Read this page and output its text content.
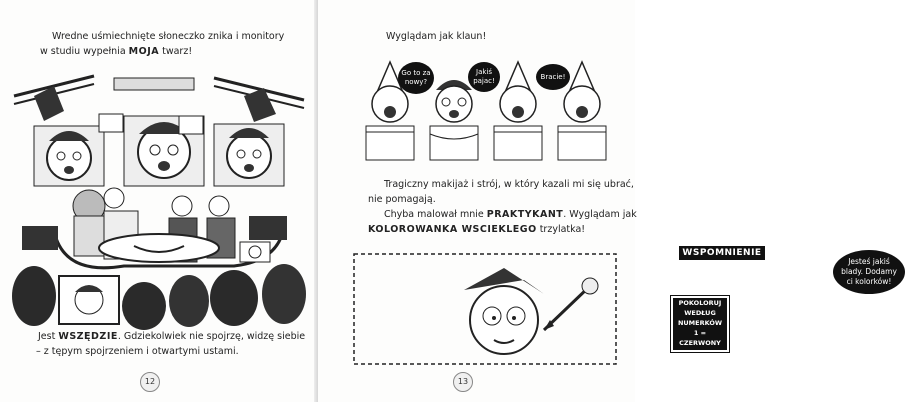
Wredne uśmiechnięte słoneczko znika i monitory
w studiu wypełnia MOJA twarz!
Jest WSZĘDZIE. Gdziekolwiek nie spojrzę, widzę siebie
– z tępym spojrzeniem i otwartymi ustami.
12
Wyglądam jak klaun!
Go to za nowy?
Jakiś pajac!
Bracie!
Tragiczny makijaż i strój, w który kazali mi się ubrać,
nie pomagają.
Chyba malował mnie PRAKTYKANT. Wyglądam jak
KOLOROWANKA WSCIEKLEGO trzylatka!
WSPOMNIENIE
POKOLORUJ
WEDŁUG
NUMERKÓW
1 = CZERWONY
Jesteś jakiś blady. Dodamy ci kolorków!
13
